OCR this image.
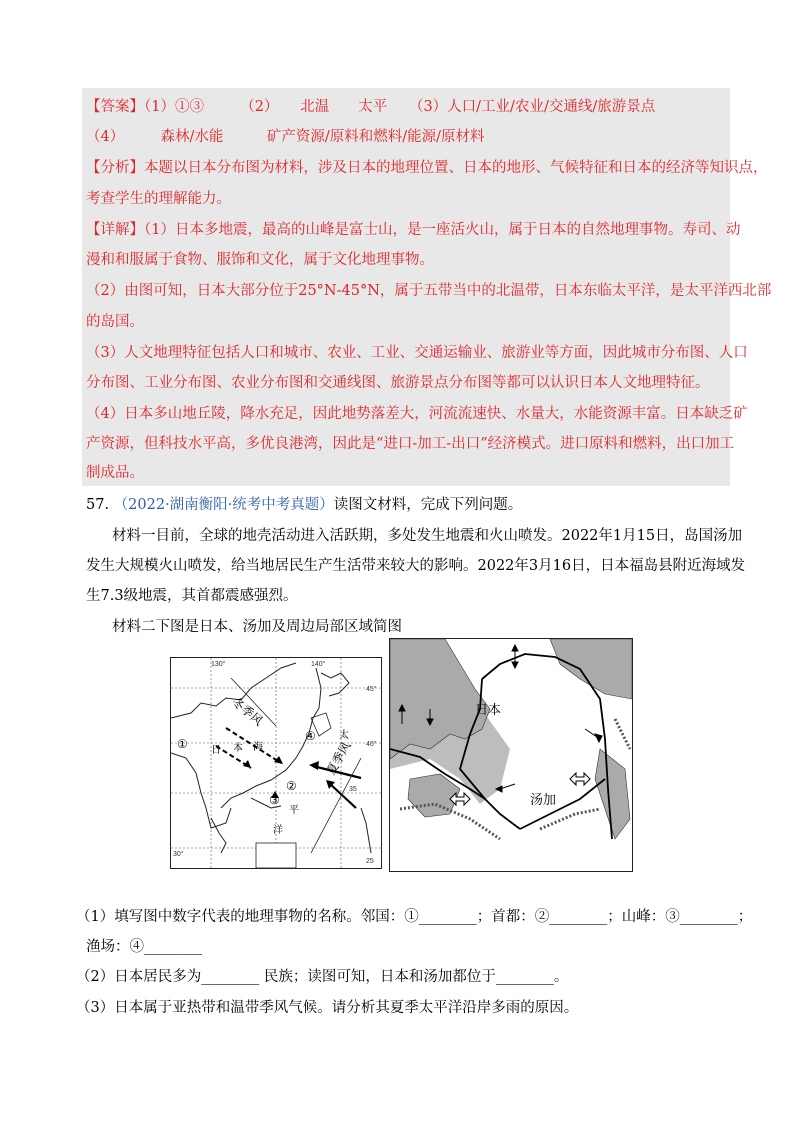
【答案】（1）①③　　　（2）　　北温　　太平　　（3）人口/工业/农业/交通线/旅游景点
（4）　　　森林/水能　　　矿产资源/原料和燃料/能源/原材料
【分析】本题以日本分布图为材料，涉及日本的地理位置、日本的地形、气候特征和日本的经济等知识点，
考查学生的理解能力。
【详解】（1）日本多地震，最高的山峰是富士山，是一座活火山，属于日本的自然地理事物。寿司、动
漫和和服属于食物、服饰和文化，属于文化地理事物。
（2）由图可知，日本大部分位于25°N-45°N，属于五带当中的北温带，日本东临太平洋，是太平洋西北部
的岛国。
（3）人文地理特征包括人口和城市、农业、工业、交通运输业、旅游业等方面，因此城市分布图、人口
分布图、工业分布图、农业分布图和交通线图、旅游景点分布图等都可以认识日本人文地理特征。
（4）日本多山地丘陵，降水充足，因此地势落差大，河流流速快、水量大，水能资源丰富。日本缺乏矿
产资源，但科技水平高，多优良港湾，因此是“进口-加工-出口”经济模式。进口原料和燃料，出口加工
制成品。
57. （2022·湖南衡阳·统考中考真题）读图文材料，完成下列问题。
材料一目前，全球的地壳活动进入活跃期，多处发生地震和火山喷发。2022年1月15日，岛国汤加
发生大规模火山喷发，给当地居民生产生活带来较大的影响。2022年3月16日，日本福岛县附近海域发
生7.3级地震，其首都震感强烈。
材料二下图是日本、汤加及周边局部区域简图
冬季风
夏季风
日 本 海
太
平
洋
①
②
③
④
130°	140°
45°
40°
35
30°
25
日本
汤加
（1）填写图中数字代表的地理事物的名称。邻国：①________；首都：②________；山峰：③________；
渔场：④________
（2）日本居民多为________ 民族；读图可知，日本和汤加都位于________。
（3）日本属于亚热带和温带季风气候。请分析其夏季太平洋沿岸多雨的原因。
